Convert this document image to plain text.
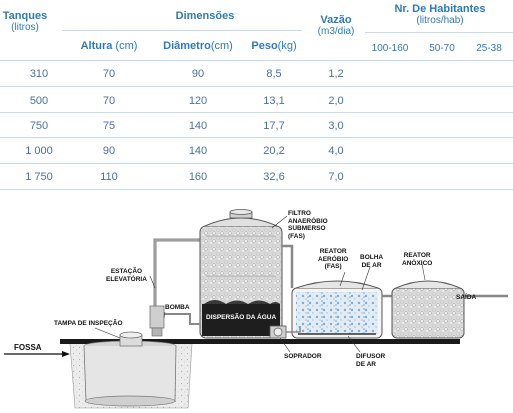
Tanques
(litros)
Dimensões
Altura (cm)	Diâmetro(cm)	Peso(kg)
Vazão
(m3/dia)
Nr. De Habitantes
(litros/hab)
100-160	50-70	25-38
310	70	90	8,5	1,2
500	70	120	13,1	2,0
750	75	140	17,7	3,0
1 000	90	140	20,2	4,0
1 750	110	160	32,6	7,0
FILTRO
ANAERÓBIO
SUBMERSO
(FAS)
REATOR
AERÓBIO
(FAS)
BOLHA
DE AR
REATOR
ANÓXICO
ESTAÇÃO
ELEVATÓRIA
BOMBA
DISPERSÃO DA ÁGUA
SAÍDA
TAMPA DE INSPEÇÃO
FOSSA
SOPRADOR	DIFUSOR
DE AR
